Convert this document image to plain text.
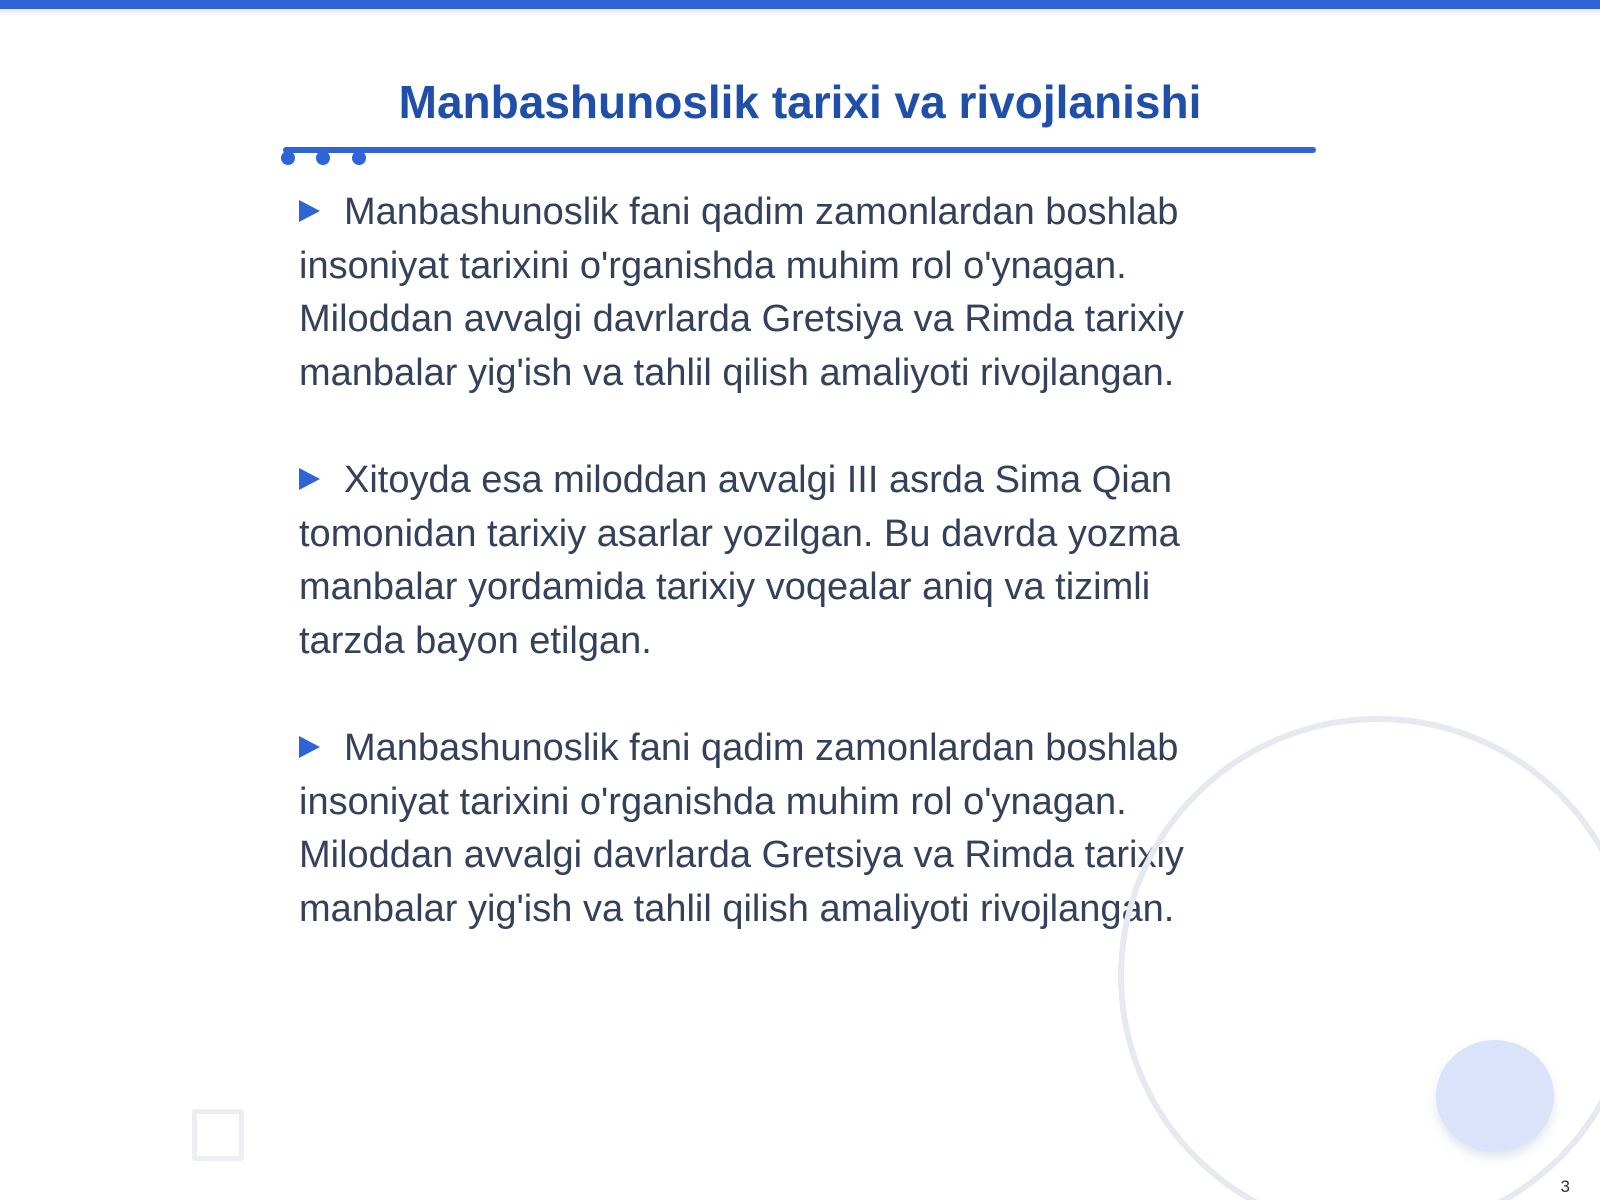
Manbashunoslik tarixi va rivojlanishi

Manbashunoslik fani qadim zamonlardan boshlab
insoniyat tarixini o'rganishda muhim rol o'ynagan.
Miloddan avvalgi davrlarda Gretsiya va Rimda tarixiy
manbalar yig'ish va tahlil qilish amaliyoti rivojlangan.

Xitoyda esa miloddan avvalgi III asrda Sima Qian
tomonidan tarixiy asarlar yozilgan. Bu davrda yozma
manbalar yordamida tarixiy voqealar aniq va tizimli
tarzda bayon etilgan.

Manbashunoslik fani qadim zamonlardan boshlab
insoniyat tarixini o'rganishda muhim rol o'ynagan.
Miloddan avvalgi davrlarda Gretsiya va Rimda tarixiy
manbalar yig'ish va tahlil qilish amaliyoti rivojlangan.

3
